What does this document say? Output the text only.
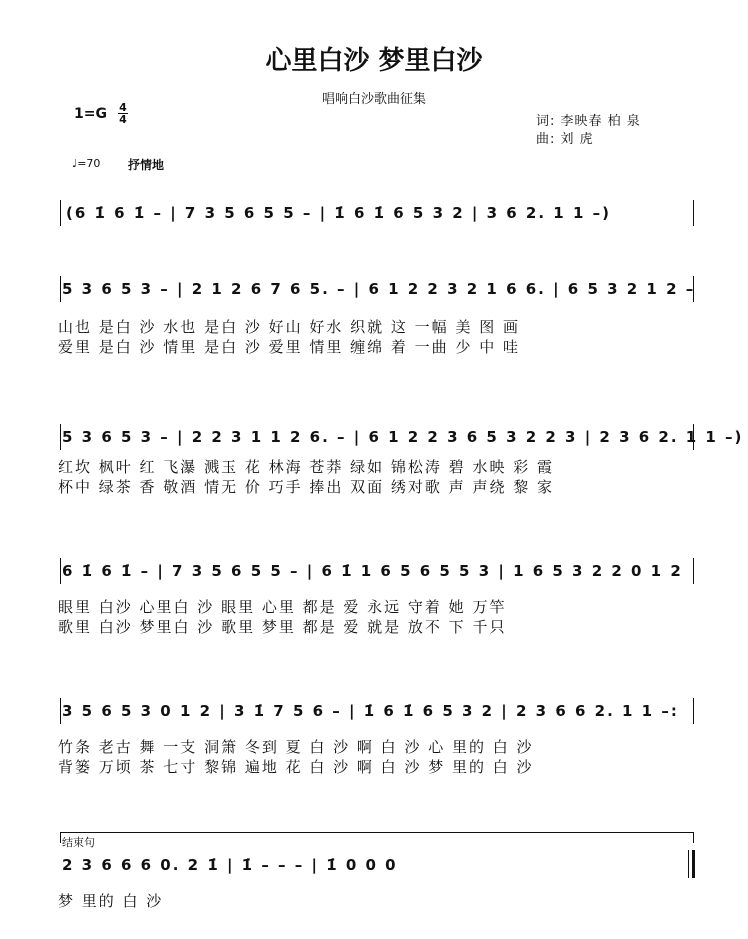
心里白沙 梦里白沙
唱响白沙歌曲征集
1=G 4
4	词: 李映春 柏 泉
曲: 刘 虎
♩=70 抒情地
(6 1̇ 6 1̇ – | 7 3 5 6 5 5 – | 1̇ 6 1̇ 6 5 3 2 | 3 6 2. 1 1 –)
5 3 6 5 3 – | 2 1 2 6 7 6 5. – | 6 1 2 2 3 2 1 6 6. | 6 5 3 2 1 2 –
山也 是白 沙 水也 是白 沙 好山 好水 织就 这 一幅 美 图 画
爱里 是白 沙 情里 是白 沙 爱里 情里 缠绵 着 一曲 少 中 哇
5 3 6 5 3 – | 2 2 3 1 1 2 6. – | 6 1 2 2 3 6 5 3 2 2 3 | 2 3 6 2. 1 1 –)
红坎 枫叶 红 飞瀑 溅玉 花 林海 苍莽 绿如 锦松涛 碧 水映 彩 霞
杯中 绿茶 香 敬酒 情无 价 巧手 捧出 双面 绣对歌 声 声绕 黎 家
6 1̇ 6 1̇ – | 7 3 5 6 5 5 – | 6 1̇ 1 6 5 6 5 5 3 | 1 6 5 3 2 2 0 1 2
眼里 白沙 心里白 沙 眼里 心里 都是 爱 永远 守着 她 万竿
歌里 白沙 梦里白 沙 歌里 梦里 都是 爱 就是 放不 下 千只
3 5 6 5 3 0 1 2 | 3 1̇ 7 5 6 – | 1̇ 6 1̇ 6 5 3 2 | 2 3 6 6 2. 1 1 –:
竹条 老古 舞 一支 洞箫 冬到 夏 白 沙 啊 白 沙 心 里的 白 沙
背篓 万顷 茶 七寸 黎锦 遍地 花 白 沙 啊 白 沙 梦 里的 白 沙
结束句
2 3 6 6 6 0. 2 1̇ | 1̇ – – – | 1̇ 0 0 0
梦 里的 白 沙
